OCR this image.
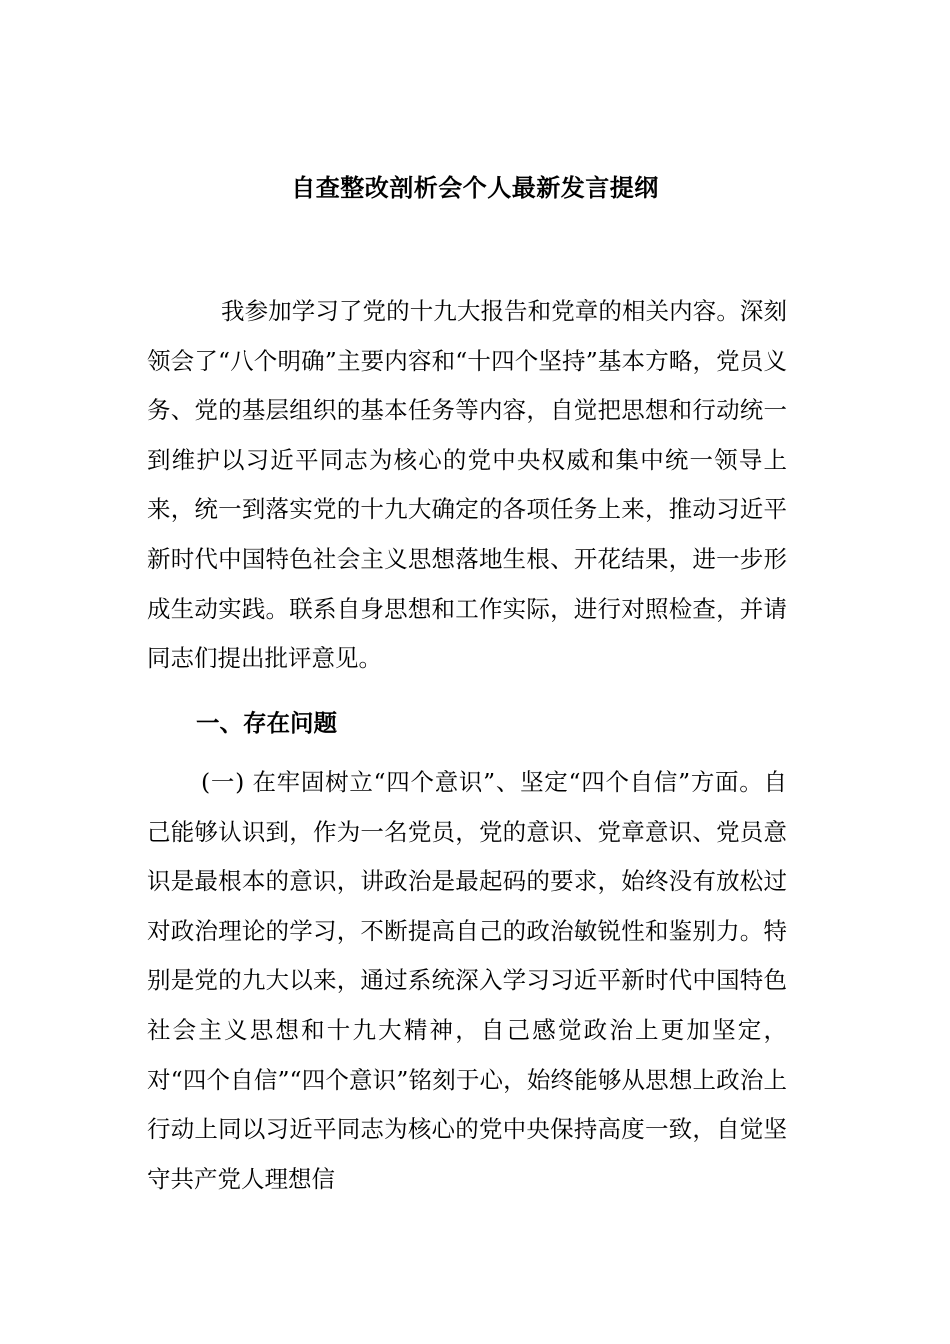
自查整改剖析会个人最新发言提纲
我参加学习了党的十九大报告和党章的相关内容。深刻领会了“八个明确”主要内容和“十四个坚持”基本方略，党员义务、党的基层组织的基本任务等内容，自觉把思想和行动统一到维护以习近平同志为核心的党中央权威和集中统一领导上来，统一到落实党的十九大确定的各项任务上来，推动习近平新时代中国特色社会主义思想落地生根、开花结果，进一步形成生动实践。联系自身思想和工作实际，进行对照检查，并请同志们提出批评意见。
一、存在问题
(一) 在牢固树立“四个意识”、坚定“四个自信”方面。自己能够认识到，作为一名党员，党的意识、党章意识、党员意识是最根本的意识，讲政治是最起码的要求，始终没有放松过对政治理论的学习，不断提高自己的政治敏锐性和鉴别力。特别是党的九大以来，通过系统深入学习习近平新时代中国特色社会主义思想和十九大精神，自己感觉政治上更加坚定，对“四个自信”“四个意识”铭刻于心，始终能够从思想上政治上行动上同以习近平同志为核心的党中央保持高度一致，自觉坚守共产党人理想信
